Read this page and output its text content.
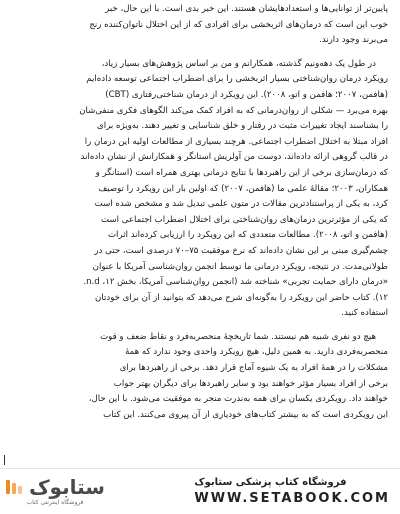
پایین‌تر از توانایی‌ها و استعدادهایشان هستند. این خبر بدی است. با این حال، خبر

خوب این است که درمان‌های اثربخشی برای افرادی که از این اختلال ناتوان‌کننده رنج

می‌برند وجود دارند.

در طول یک دهه‌ونیم گذشته، همکارانم و من بر اساس پژوهش‌های بسیار زیاد،

رویکرد درمان روان‌شناختی بسیار اثربخشی را برای اضطراب اجتماعی توسعه داده‌ایم

(هافمن، ۲۰۰۷؛ هافمن و اتو، ۲۰۰۸). این رویکرد از درمان شناختی‌رفتاری (CBT)

بهره می‌برد — شکلی از روان‌درمانی که به افراد کمک می‌کند الگوهای فکری منفی‌شان

را بشناسند ایجاد تغییرات مثبت در رفتار و خلق شناسایی و تغییر دهند. به‌ویژه برای

افراد مبتلا به اختلال اضطراب اجتماعی. هرچند بسیاری از مطالعات اولیه این درمان را

در قالب گروهی ارائه داده‌اند، دوست من آولریش استانگر و همکارانش از نشان داده‌اند

که درمان‌سازی برخی از این راهبردها با نتایج درمانی بهتری همراه است (استانگر و

همکاران، ۲۰۰۳؛ مقالهٔ علمی ما (هافمن، ۲۰۰۷) که اولین بار این رویکرد را توصیف

کرد، به یکی از پراستنادترین مقالات در متون علمی تبدیل شد و مشخص شده است

که یکی از مؤثرترین درمان‌های روان‌شناختی برای اختلال اضطراب اجتماعی است

(هافمن و اتو، ۲۰۰۸). مطالعات متعددی که این رویکرد را ارزیابی کرده‌اند اثرات

چشم‌گیری مبنی بر این نشان داده‌اند که نرخ موفقیت ۷۵–۷۰ درصدی است، حتی در

طولانی‌مدت. در نتیجه، رویکرد درمانی ما توسط انجمن روان‌شناسی آمریکا با عنوان

«درمان دارای حمایت تجربی» شناخته شد (انجمن روان‌شناسی آمریکا، بخش ۱۲، n.d.

۱۲). کتاب حاضر این رویکرد را به‌گونه‌ای شرح می‌دهد که بتوانید از آن برای خودتان

استفاده کنید.

هیچ دو نفری شبیه هم نیستند. شما تاریخچهٔ منحصربه‌فرد و نقاط ضعف و قوت

منحصربه‌فردی دارید. به همین دلیل، هیچ رویکرد واحدی وجود ندارد که همهٔ

مشکلات را در همهٔ افراد به یک شیوه آماج قرار دهد. برخی از راهبردها برای

برخی از افراد بسیار مؤثر خواهند بود و سایر راهبردها برای دیگران بهتر جواب

خواهند داد. رویکردی یکسان برای همه به‌ندرت منجر به موفقیت می‌شود. با این حال،

این رویکردی است که به بیشتر کتاب‌های خودیاری از آن پیروی می‌کنند. این کتاب

ستابوک
فروشگاه اینترنتی کتاب
فروشگاه کتاب پزشکی ستابوک
WWW.SETABOOK.COM
